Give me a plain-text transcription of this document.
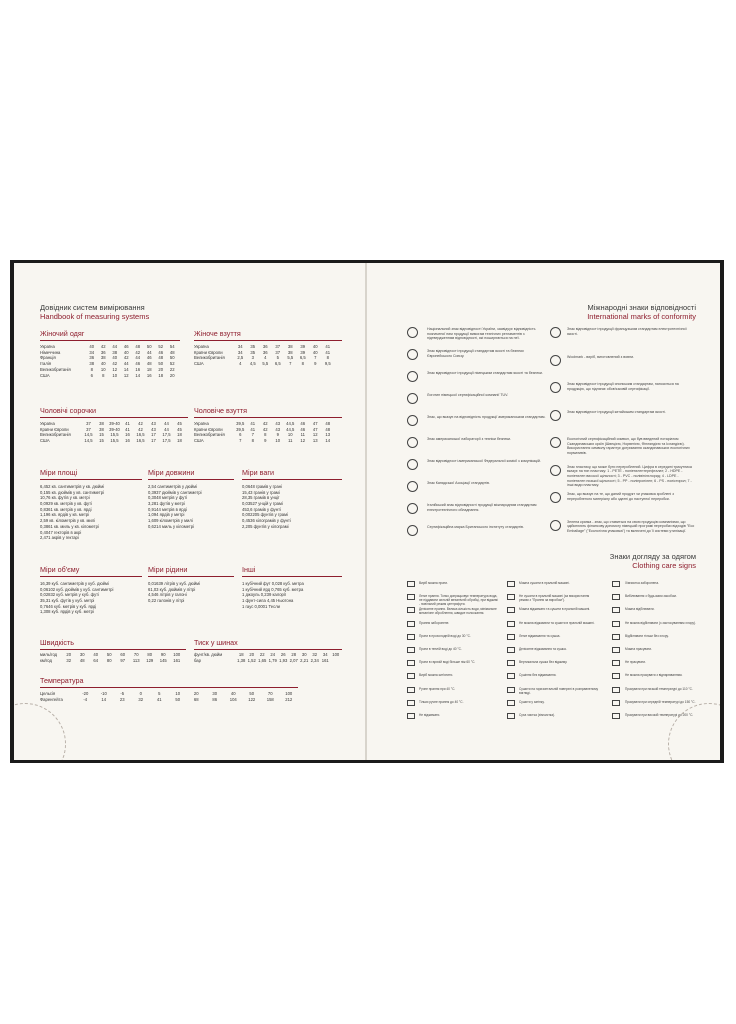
Довідник систем вимірювання
Handbook of measuring systems
Жіночий одяг
Україна	40	42	44	46	48	50	52	54
Німеччина	34	36	38	40	42	44	46	48
Франція	36	38	40	42	44	46	48	50
Італія	38	40	42	44	46	48	50	52
Великобританія	8	10	12	14	16	18	20	22
США	6	8	10	12	14	16	18	20
Жіноче взуття
Україна	34	35	36	37	38	39	40	41
Країни Європи	34	35	36	37	38	39	40	41
Великобританія	2,5	3	4	5	5,5	6,5	7	8
США	4	4,5	5,5	6,5	7	8	9	9,5
Чоловічі сорочки
Україна	37	38	39-40	41	42	43	44	45
Країни Європи	37	38	39-40	41	42	43	44	45
Великобританія	14,5	15	15,5	16	16,5	17	17,5	18
США	14,5	15	15,5	16	16,5	17	17,5	18
Чоловіче взуття
Україна	39,5	41	42	43	44,5	46	47	48
Країни Європи	39,5	41	42	43	44,5	46	47	48
Великобританія	6	7	8	9	10	11	12	13
США	7	8	9	10	11	12	13	14
Міри площі
6,452 кв. сантиметрів у кв. дюймі
0,155 кв. дюймів у кв. сантиметрі
10,76 кв. футів у кв. метрі
0,0929 кв. метрів у кв. футі
0,8361 кв. метрів у кв. ярді
1,196 кв. ярдів у кв. метрі
2,59 кв. кілометрів у кв. милі
0,3861 кв. миль у кв. кілометрі
0,4047 гекторів в акрі
2,471 акрів у гектарі
Міри довжини
2,54 сантиметрів у дюймі
0,3937 дюймів у сантиметрі
0,3048 метрів у футі
3,281 футів у метрі
0,9144 метрів в ярді
1,094 ярдів у метрі
1,609 кілометрів у милі
0,6214 миль у кілометрі
Міри ваги
0,0648 грамів у грані
15,43 гранів у грамі
28,35 грамів в унції
0,03527 унцій у грамі
453,6 грамів у фунті
0,002205 фунтів у грамі
0,4536 кілограмів у фунті
2,205 фунтів у кілограмі
Міри об'єму
16,39 куб. сантиметрів у куб. дюймі
0,06102 куб. дюймів у куб. сантиметрі
0,02832 куб. метрів у куб. футі
35,31 куб. футів у куб. метрі
0,7646 куб. метрів у куб. ярді
1,308 куб. ярдів у куб. метрі
Міри рідини
0,01639 літрів у куб. дюймі
61,03 куб. дюймів у літрі
4,546 літрів у галоні
0,22 галонів у літрі
Інші
1 кубічний фут 0,028 куб. метра
1 кубічний ярд 0,765 куб. метра
1 джоуль 0,239 калорії
1 фунт-сила 4,45 Ньютона
1 гаус 0,0001 Тесли
Швидкість
миль/год	20	30	40	50	60	70	80	90	100
км/год	32	48	64	80	97	113	129	145	161
Тиск у шинах
фунт/кв. дюйм	18	20	22	24	26	28	30	32	34	100
бар	1,38 1,52 1,65 1,79 1,93 2,07 2,21 2,34 161
Температура
Цельсія	-20	-10	-5	0	5	10	20	30	40	50	70	100
Фаренгейта	-4	14	23	32	41	50	68	86	104	122	158	212
Міжнародні знаки відповідності
International marks of conformity
Національний знак відповідності України, засвідчує відповідність позначеної ним продукції вимогам технічних регламентів з підтвердженням відповідності, які поширюються на неї.
Знак відповідності продукції стандартам якості та безпеки Європейського Союзу.
Знак відповідності продукції німецьким стандартам якості та безпеки.
Логотип німецької сертифікаційної компанії TUV.
Знак, що вказує на відповідність продукції американським стандартам.
Знак американської лабораторії з техніки безпеки.
Знак відповідності американської Федеральної комісії з комунікацій.
Знак Канадської Асоціації стандартів.
Італійський знак відповідності продукції міжнародним стандартам електротехнічного обладнання.
Сертифікаційна марка Британського інституту стандартів.
Знак відповідності продукції французьким стандартам електротехнічної якості.
Woolmark - виріб, виготовлений з вовни.
Знак відповідності продукції японським стандартам, наноситься на продукцію, що підлягає обов'язковій сертифікації.
Знак відповідності продукції китайським стандартам якості.
Екологічний сертифікаційний символ, що був введений нотаріатом Скандинавських країн (Швецією, Норвегією, Фінляндією та Ісландією). Використання символу гарантує дотримання скандинавських екологічних нормативів.
Знак пластику, що може бути перероблений. Цифра в середині трикутника вказує на тип пластику: 1 - PETE - поліетилентерефталат; 2 - HDPE - поліетилен високої щільності; 3 - PVC - полівінілхлорид; 4 - LDPE - поліетилен низької щільності; 5 - PP - поліпропілен; 6 - PS - полістирол; 7 - інші види пластику.
Знак, що вказує на те, що даний продукт чи упаковка зроблені з переробленого матеріалу або здатні до наступної переробки.
Зелена крапка - знак, що ставиться на свою продукцію компаніями, що здійснюють фінансову допомогу німецькій програмі переробки відходів "Eco Emballage" ("Екологічна упаковка") та включені до її системи утилізації.
Знаки догляду за одягом
Clothing care signs
Виріб можна прати.
Легке прання. Тонко допрацьовує температура вода, не піддавати сильній механічній обробці, при віджимі - повільний режим центрифуги.
Делікатне прання. Велика кількість води, мінімальне механічне оброблення, швидке полоскання.
Прання заборонене.
Прати в прохолодній воді до 30 °C.
Прати в теплій воді до 40 °C.
Прати в гарячій воді більше ніж 60 °C.
Виріб можна кип'ятити.
Ручне прання при 40 °C.
Тільки ручне прання до 40 °C.
Не віджимати.
Можна сушити в пральній машині.
Не сушити в пральній машині (за використання режим з "Прання за виробом").
Можна віджимати та сушити в пральній машині.
Не можна віджимати та сушити в пральній машині.
Легке віджимання та сушка.
Делікатне віджимання та сушка.
Вертикальна сушка без віджиму.
Сушіння без віджимання.
Сушити на горизонтальній поверхні в розправленому вигляді.
Сушити у затінку.
Суха чистка (хімчистка).
Хімчистка заборонена.
Вибілювання з будь-яким засобом.
Можна відбілювати.
Не можна відбілювати (з застосуванням хлору).
Відбілювати тільки без хлору.
Можна прасувати.
Не прасувати.
Не можна прасувати з відпарюванням.
Прасувати при низькій температурі до 110 °C.
Прасувати при середній температурі до 150 °C.
Прасувати при високій температурі до 200 °C.
